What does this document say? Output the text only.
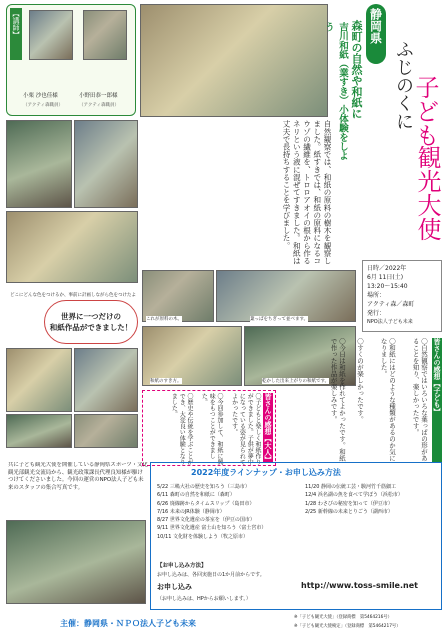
【講師】
小栗 沙也佳様	小野田恭一郎様
（アクティ森職員）	（アクティ森職員）	森町の自然や和紙に
吉川和紙（業すき）小体験をしよう	静岡県
ふじのくに
子ども
観光大使
自然観察では、和紙の原料の樹木を観察しました。紙すきでは、和紙の原料になるコウゾの繊維を、トロロアオイの根から作るネリという液に混ぜてすきました。和紙は丈夫で長持ちすることを学びました。
どこにどんな色をつけるか、事前に計画しながら色をつけたよ
日時／2022年
6月 11日(土)
13:20～15:40
場所：
アクティ森／森町
発行：
NPO法人子ども未来
これが原料の木。	葉っぱをちぎって並べます。
和紙のすき方。	乾かした出来上がりの和紙です。
世界に一つだけの
和紙作品ができました！
皆さんの感想【大人】
〇子どもと楽しく和紙作りができました。子供が夢中になっている姿が見られてよかったです。
〇今回参加して、和紙に興味をもつことができました。
〇歴史や伝統を学ぶことができ、大変良い体験となりました。	皆さんの感想【子ども】
〇自然観察ではいろいろな葉っぱの形があることを知り、楽しかったです。
〇和紙にはどのような種類があるのか気になりました。
〇すくのが楽しかったです。
〇今日は和紙を作れてよかったです。和紙で作った作品が楽しみです。
共に子ども観光大使を開催している静岡県スポーツ・文化観光部観光交流局から、観光政策課長代理良知様が駆けつけてくださいました。今回の運営のNPO法人子ども未来のスタッフの集合写真です。
2022年度ラインナップ・お申し込み方法
5/22 三嶋大社の歴史を知ろう（三島市）
6/11 森町の自然を和紙に（森町）
6/26 廃線跡からタイムスリップ（島田市）
7/16 未来のJR体験（静岡市）
8/27 世界文化遺産の茶室を（伊豆の国市）
9/11 世界文化遺産 富士山を知ろう（富士宮市）
10/11 文化財を体験しよう（牧之原市）
11/20 静岡の伝統工芸・駿河竹千筋細工
12/4 浜名湖の魚を食べて学ぼう（浜松市）
1/28 わさびの秘密を知って（伊豆市）
2/25 新幹線の未来とりごう（湖西市）
【お申し込み方法】
お申し込みは、各回実施日の1か月前からです。
お申し込み	http://www.toss-smile.net
（お申し込みは、HPからお願いします。）
主催：静岡県・ＮＰＯ法人子ども未来
※「子ども観光大使」（登録商標　第5464216号）
※「子ども観光大使検定」（登録商標　第5464217号）
